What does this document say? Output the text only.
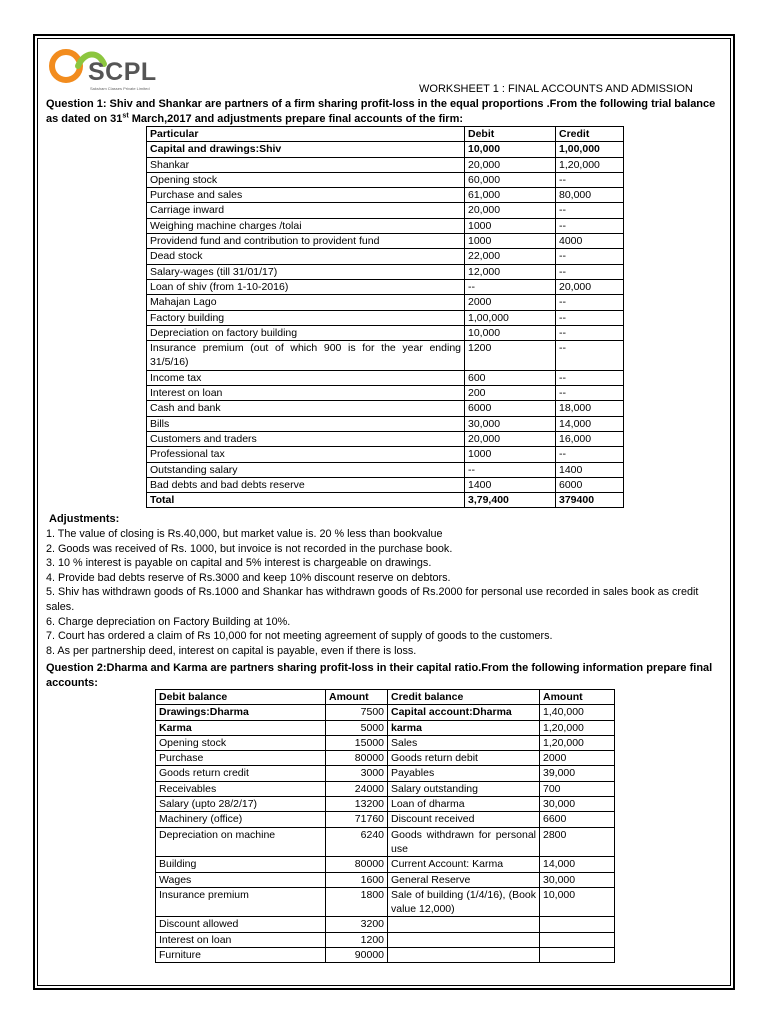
SCPL
Saksham Classes Private Limited	WORKSHEET 1 : FINAL ACCOUNTS AND ADMISSION
Question 1: Shiv and Shankar are partners of a firm sharing profit-loss in the equal proportions .From the following trial balance as dated on 31st March,2017 and adjustments prepare final accounts of the firm:
Particular	Debit	Credit
Capital and drawings:Shiv	10,000	1,00,000
Shankar	20,000	1,20,000
Opening stock	60,000	--
Purchase and sales	61,000	80,000
Carriage inward	20,000	--
Weighing machine charges /tolai	1000	--
Providend fund and contribution to provident fund	1000	4000
Dead stock	22,000	--
Salary-wages (till 31/01/17)	12,000	--
Loan of shiv (from 1-10-2016)	--	20,000
Mahajan Lago	2000	--
Factory building	1,00,000	--
Depreciation on factory building	10,000	--
Insurance premium (out of which 900 is for the year ending 31/5/16)	1200	--
Income tax	600	--
Interest on loan	200	--
Cash and bank	6000	18,000
Bills	30,000	14,000
Customers and traders	20,000	16,000
Professional tax	1000	--
Outstanding salary	--	1400
Bad debts and bad debts reserve	1400	6000
Total	3,79,400	379400
Adjustments:
1. The value of closing is Rs.40,000, but market value is. 20 % less than bookvalue
2. Goods was received of Rs. 1000, but invoice is not recorded in the purchase book.
3. 10 % interest is payable on capital and 5% interest is chargeable on drawings.
4. Provide bad debts reserve of Rs.3000 and keep 10% discount reserve on debtors.
5. Shiv has withdrawn goods of Rs.1000 and Shankar has withdrawn goods of Rs.2000 for personal use recorded in sales book as credit sales.
6. Charge depreciation on Factory Building at 10%.
7. Court has ordered a claim of Rs 10,000 for not meeting agreement of supply of goods to the customers.
8. As per partnership deed, interest on capital is payable, even if there is loss.
Question 2:Dharma and Karma are partners sharing profit-loss in their capital ratio.From the following information prepare final accounts:
Debit balance	Amount	Credit balance	Amount
Drawings:Dharma	7500	Capital account:Dharma	1,40,000
Karma	5000	karma	1,20,000
Opening stock	15000	Sales	1,20,000
Purchase	80000	Goods return debit	2000
Goods return credit	3000	Payables	39,000
Receivables	24000	Salary outstanding	700
Salary (upto 28/2/17)	13200	Loan of dharma	30,000
Machinery (office)	71760	Discount received	6600
Depreciation on machine	6240	Goods withdrawn for personal use	2800
Building	80000	Current Account: Karma	14,000
Wages	1600	General Reserve	30,000
Insurance premium	1800	Sale of building (1/4/16), (Book value 12,000)	10,000
Discount allowed	3200		
Interest on loan	1200		
Furniture	90000		
